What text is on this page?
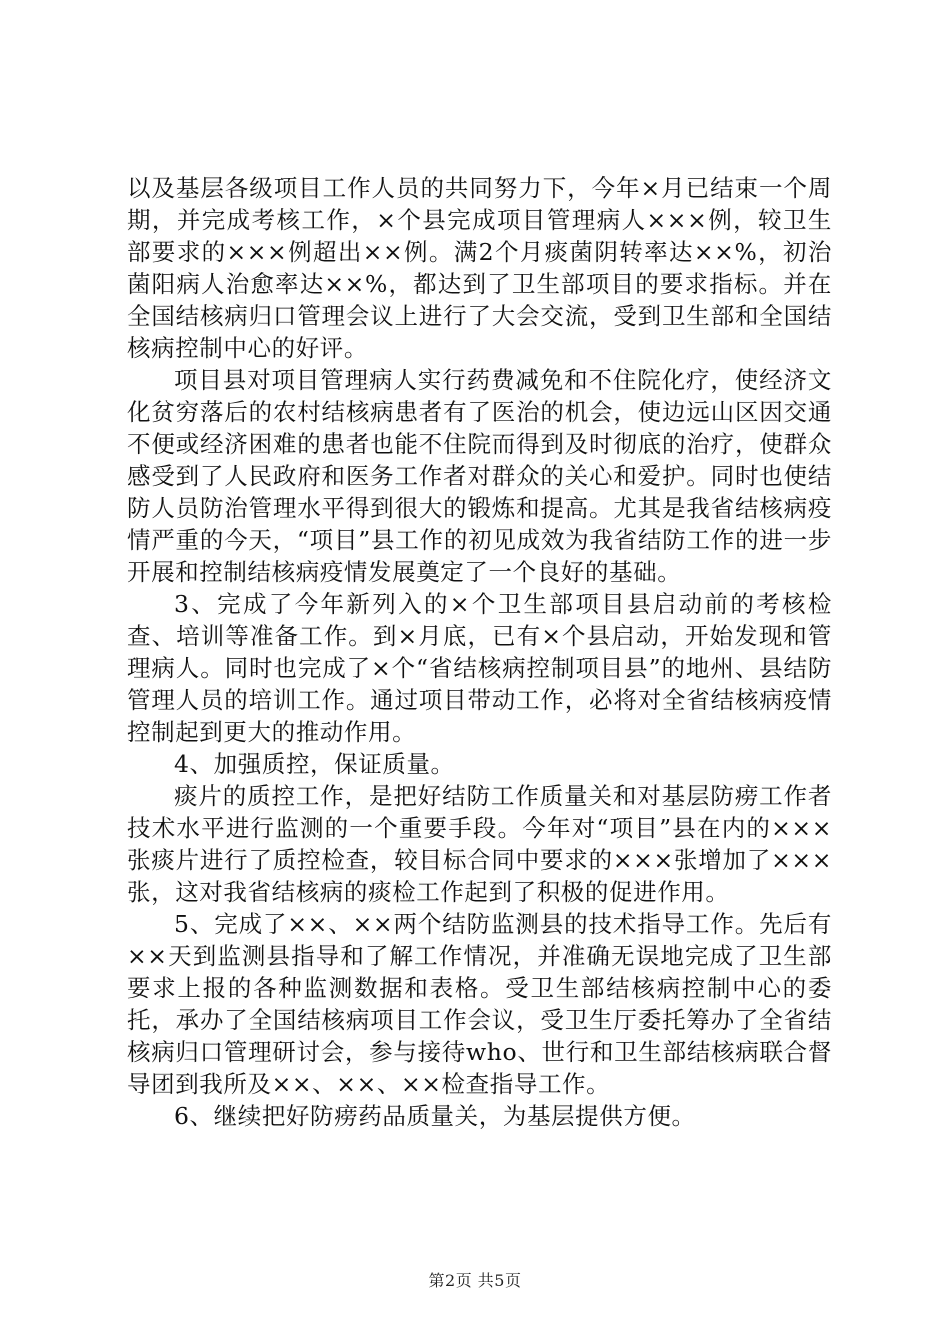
以及基层各级项目工作人员的共同努力下，今年×月已结束一个周期，并完成考核工作，×个县完成项目管理病人×××例，较卫生部要求的×××例超出××例。满2个月痰菌阴转率达××%，初治菌阳病人治愈率达××%，都达到了卫生部项目的要求指标。并在全国结核病归口管理会议上进行了大会交流，受到卫生部和全国结核病控制中心的好评。

项目县对项目管理病人实行药费减免和不住院化疗，使经济文化贫穷落后的农村结核病患者有了医治的机会，使边远山区因交通不便或经济困难的患者也能不住院而得到及时彻底的治疗，使群众感受到了人民政府和医务工作者对群众的关心和爱护。同时也使结防人员防治管理水平得到很大的锻炼和提高。尤其是我省结核病疫情严重的今天，“项目”县工作的初见成效为我省结防工作的进一步开展和控制结核病疫情发展奠定了一个良好的基础。

3、完成了今年新列入的×个卫生部项目县启动前的考核检查、培训等准备工作。到×月底，已有×个县启动，开始发现和管理病人。同时也完成了×个“省结核病控制项目县”的地州、县结防管理人员的培训工作。通过项目带动工作，必将对全省结核病疫情控制起到更大的推动作用。

4、加强质控，保证质量。

痰片的质控工作，是把好结防工作质量关和对基层防痨工作者技术水平进行监测的一个重要手段。今年对“项目”县在内的×××张痰片进行了质控检查，较目标合同中要求的×××张增加了×××张，这对我省结核病的痰检工作起到了积极的促进作用。

5、完成了××、××两个结防监测县的技术指导工作。先后有××天到监测县指导和了解工作情况，并准确无误地完成了卫生部要求上报的各种监测数据和表格。受卫生部结核病控制中心的委托，承办了全国结核病项目工作会议，受卫生厅委托筹办了全省结核病归口管理研讨会，参与接待who、世行和卫生部结核病联合督导团到我所及××、××、××检查指导工作。

6、继续把好防痨药品质量关，为基层提供方便。

第2页 共5页
